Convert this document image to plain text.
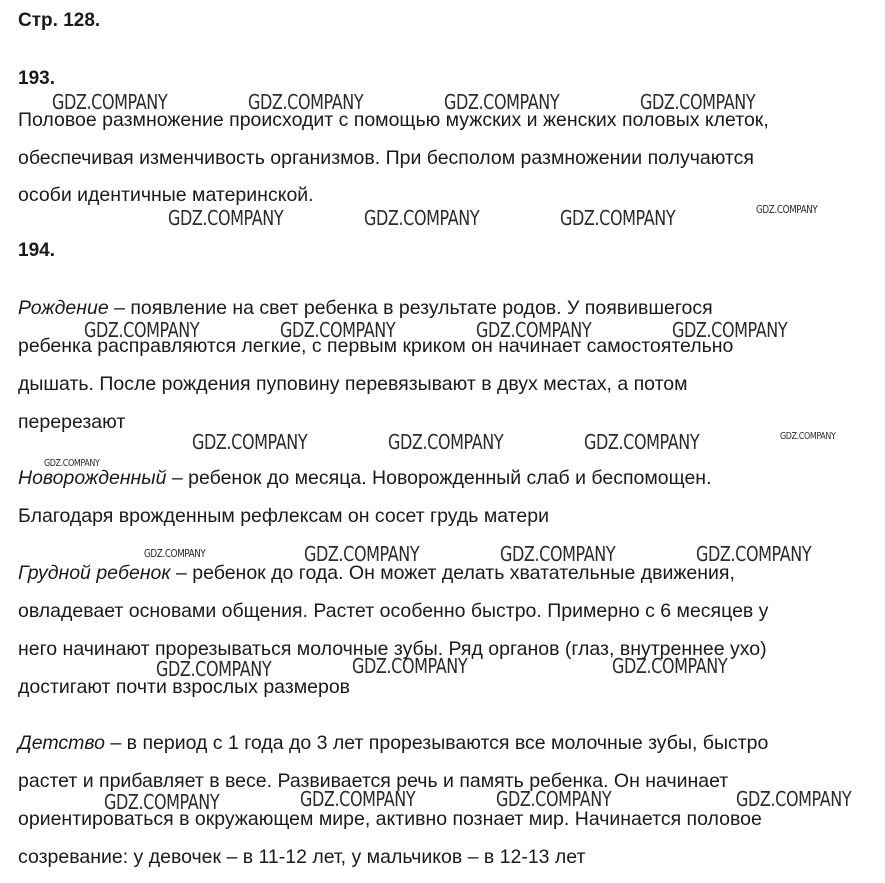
Стр. 128.
193.
Половое размножение происходит с помощью мужских и женских половых клеток,
обеспечивая изменчивость организмов. При бесполом размножении получаются
особи идентичные материнской.
194.
Рождение – появление на свет ребенка в результате родов. У появившегося
ребенка расправляются легкие, с первым криком он начинает самостоятельно
дышать. После рождения пуповину перевязывают в двух местах, а потом
перерезают
Новорожденный – ребенок до месяца. Новорожденный слаб и беспомощен.
Благодаря врожденным рефлексам он сосет грудь матери
Грудной ребенок – ребенок до года. Он может делать хватательные движения,
овладевает основами общения. Растет особенно быстро. Примерно с 6 месяцев у
него начинают прорезываться молочные зубы. Ряд органов (глаз, внутреннее ухо)
достигают почти взрослых размеров
Детство – в период с 1 года до 3 лет прорезываются все молочные зубы, быстро
растет и прибавляет в весе. Развивается речь и память ребенка. Он начинает
ориентироваться в окружающем мире, активно познает мир. Начинается половое
созревание: у девочек – в 11-12 лет, у мальчиков – в 12-13 лет
GDZ.COMPANY	GDZ.COMPANY	GDZ.COMPANY	GDZ.COMPANY
GDZ.COMPANY	GDZ.COMPANY	GDZ.COMPANY	GDZ.COMPANY
GDZ.COMPANY	GDZ.COMPANY	GDZ.COMPANY	GDZ.COMPANY
GDZ.COMPANY	GDZ.COMPANY	GDZ.COMPANY	GDZ.COMPANY
GDZ.COMPANY
GDZ.COMPANY	GDZ.COMPANY	GDZ.COMPANY	GDZ.COMPANY
GDZ.COMPANY	GDZ.COMPANY	GDZ.COMPANY
GDZ.COMPANY	GDZ.COMPANY	GDZ.COMPANY	GDZ.COMPANY
